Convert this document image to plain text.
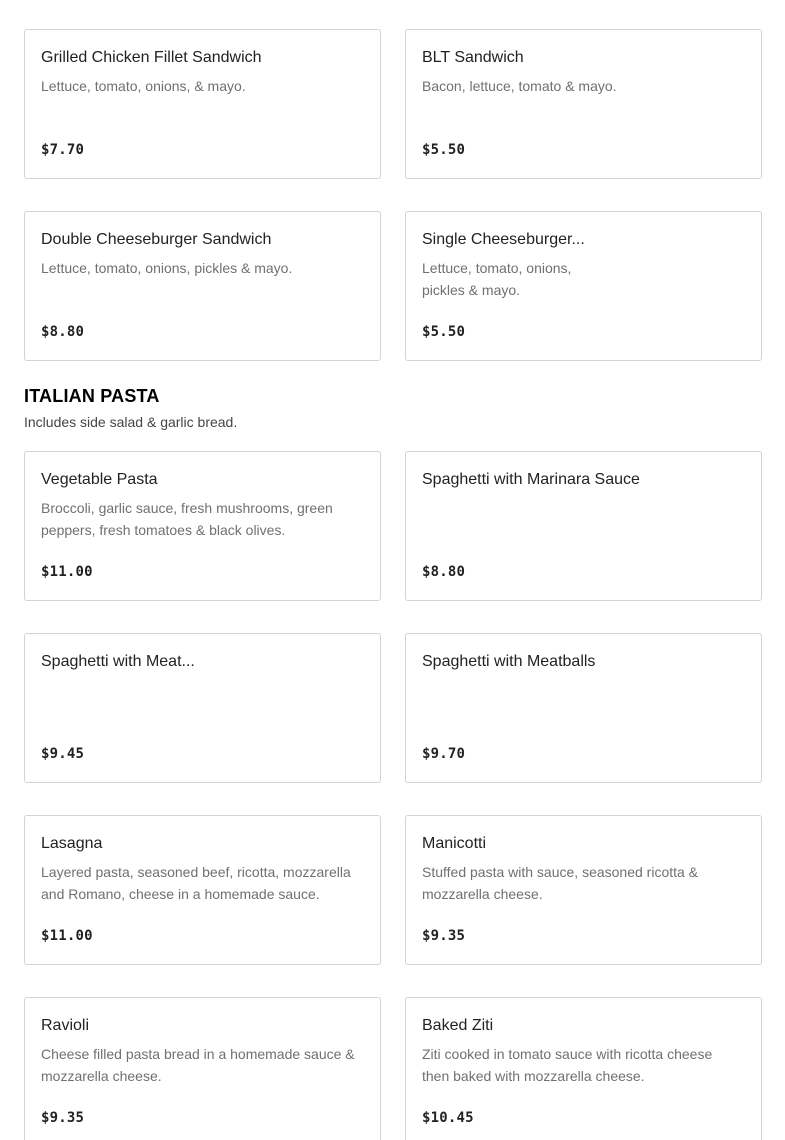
Grilled Chicken Fillet Sandwich
Lettuce, tomato, onions, & mayo.
$7.70
BLT Sandwich
Bacon, lettuce, tomato & mayo.
$5.50
Double Cheeseburger Sandwich
Lettuce, tomato, onions, pickles & mayo.
$8.80
Single Cheeseburger...
Lettuce, tomato, onions, pickles & mayo.
$5.50
ITALIAN PASTA
Includes side salad & garlic bread.
Vegetable Pasta
Broccoli, garlic sauce, fresh mushrooms, green peppers, fresh tomatoes & black olives.
$11.00
Spaghetti with Marinara Sauce
$8.80
Spaghetti with Meat...
$9.45
Spaghetti with Meatballs
$9.70
Lasagna
Layered pasta, seasoned beef, ricotta, mozzarella and Romano, cheese in a homemade sauce.
$11.00
Manicotti
Stuffed pasta with sauce, seasoned ricotta & mozzarella cheese.
$9.35
Ravioli
Cheese filled pasta bread in a homemade sauce & mozzarella cheese.
$9.35
Baked Ziti
Ziti cooked in tomato sauce with ricotta cheese then baked with mozzarella cheese.
$10.45
